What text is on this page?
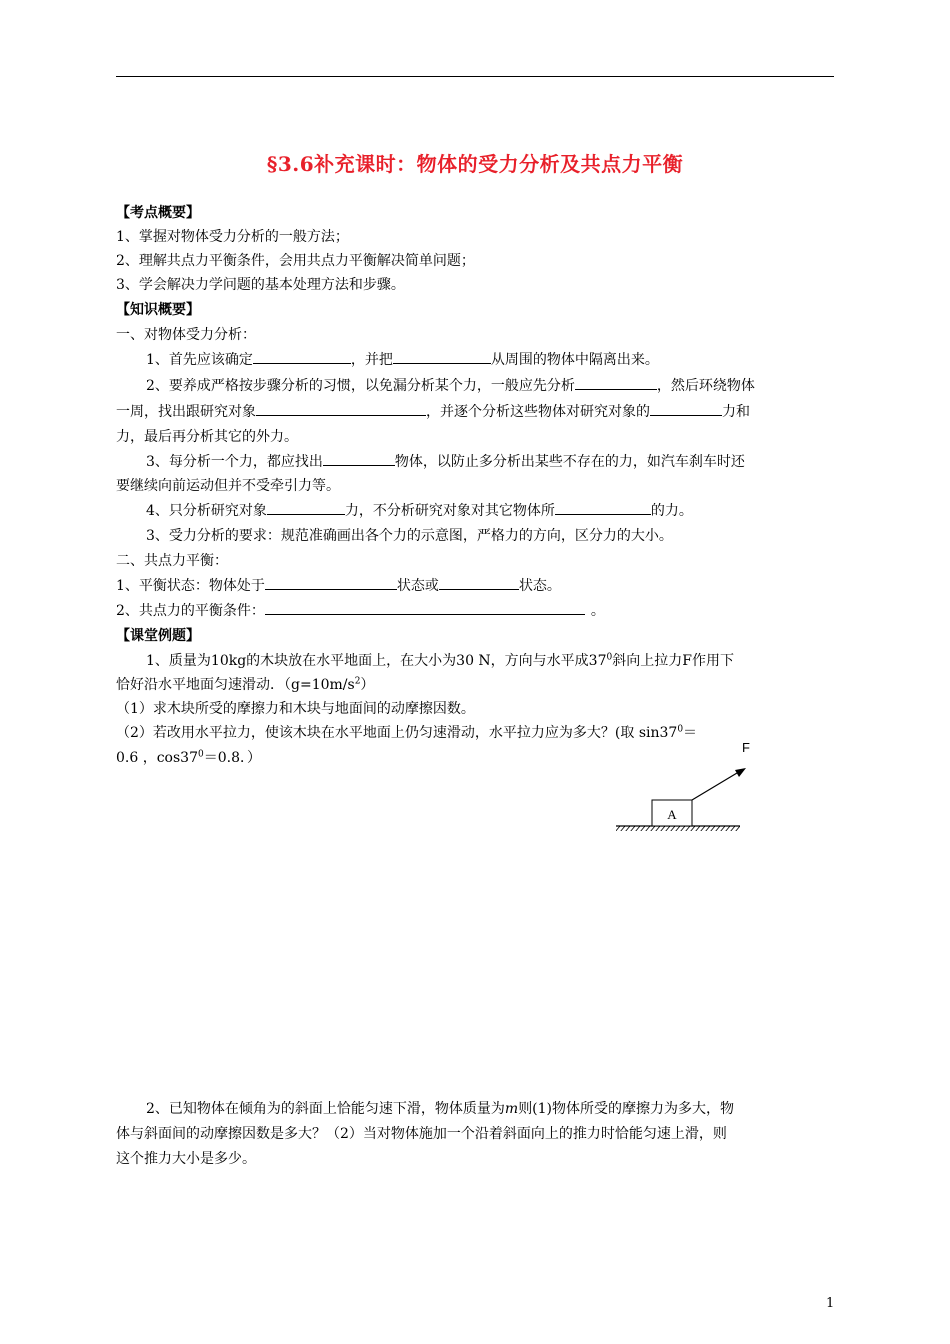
§3.6补充课时：物体的受力分析及共点力平衡
【考点概要】
1、掌握对物体受力分析的一般方法；
2、理解共点力平衡条件，会用共点力平衡解决简单问题；
3、学会解决力学问题的基本处理方法和步骤。
【知识概要】
一、对物体受力分析：
1、首先应该确定	，并把	从周围的物体中隔离出来。
2、要养成严格按步骤分析的习惯，以免漏分析某个力，一般应先分析	，然后环绕物体
一周，找出跟研究对象	，并逐个分析这些物体对研究对象的	力和
力，最后再分析其它的外力。
3、每分析一个力，都应找出	物体，以防止多分析出某些不存在的力，如汽车刹车时还
要继续向前运动但并不受牵引力等。
4、只分析研究对象	力，不分析研究对象对其它物体所	的力。
3、受力分析的要求：规范准确画出各个力的示意图，严格力的方向，区分力的大小。
二、共点力平衡：
1、平衡状态：物体处于	状态或	状态。
2、共点力的平衡条件：	。
【课堂例题】
1、质量为10kg的木块放在水平地面上，在大小为30 N，方向与水平成$37^0$斜向上拉力F作用下
恰好沿水平地面匀速滑动．$(g=10m/s^2)$
（1）求木块所受的摩擦力和木块与地面间的动摩擦因数。
（2）若改用水平拉力，使该木块在水平地面上仍匀速滑动，水平拉力应为多大？(取 $\sin 37^0=$
0.6 ，$\cos 37^0=0.8$．）
A
F
2、已知物体在倾角为的斜面上恰能匀速下滑，物体质量为m则(1)物体所受的摩擦力为多大，物
体与斜面间的动摩擦因数是多大？（2）当对物体施加一个沿着斜面向上的推力时恰能匀速上滑，则
这个推力大小是多少。
1
